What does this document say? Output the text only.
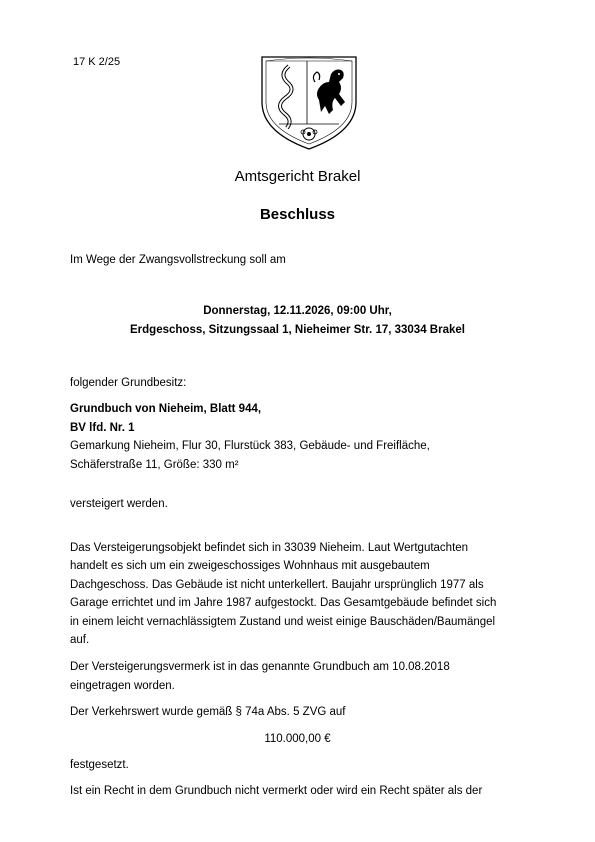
17 K 2/25
Amtsgericht Brakel
Beschluss
Im Wege der Zwangsvollstreckung soll am
Donnerstag, 12.11.2026, 09:00 Uhr,
Erdgeschoss, Sitzungssaal 1, Nieheimer Str. 17, 33034 Brakel
folgender Grundbesitz:
Grundbuch von Nieheim, Blatt 944,
BV lfd. Nr. 1
Gemarkung Nieheim, Flur 30, Flurstück 383, Gebäude- und Freifläche,
Schäferstraße 11, Größe: 330 m²
versteigert werden.
Das Versteigerungsobjekt befindet sich in 33039 Nieheim. Laut Wertgutachten
handelt es sich um ein zweigeschossiges Wohnhaus mit ausgebautem
Dachgeschoss. Das Gebäude ist nicht unterkellert. Baujahr ursprünglich 1977 als
Garage errichtet und im Jahre 1987 aufgestockt. Das Gesamtgebäude befindet sich
in einem leicht vernachlässigtem Zustand und weist einige Bauschäden/Baumängel
auf.
Der Versteigerungsvermerk ist in das genannte Grundbuch am 10.08.2018
eingetragen worden.
Der Verkehrswert wurde gemäß § 74a Abs. 5 ZVG auf
110.000,00 €
festgesetzt.
Ist ein Recht in dem Grundbuch nicht vermerkt oder wird ein Recht später als der
